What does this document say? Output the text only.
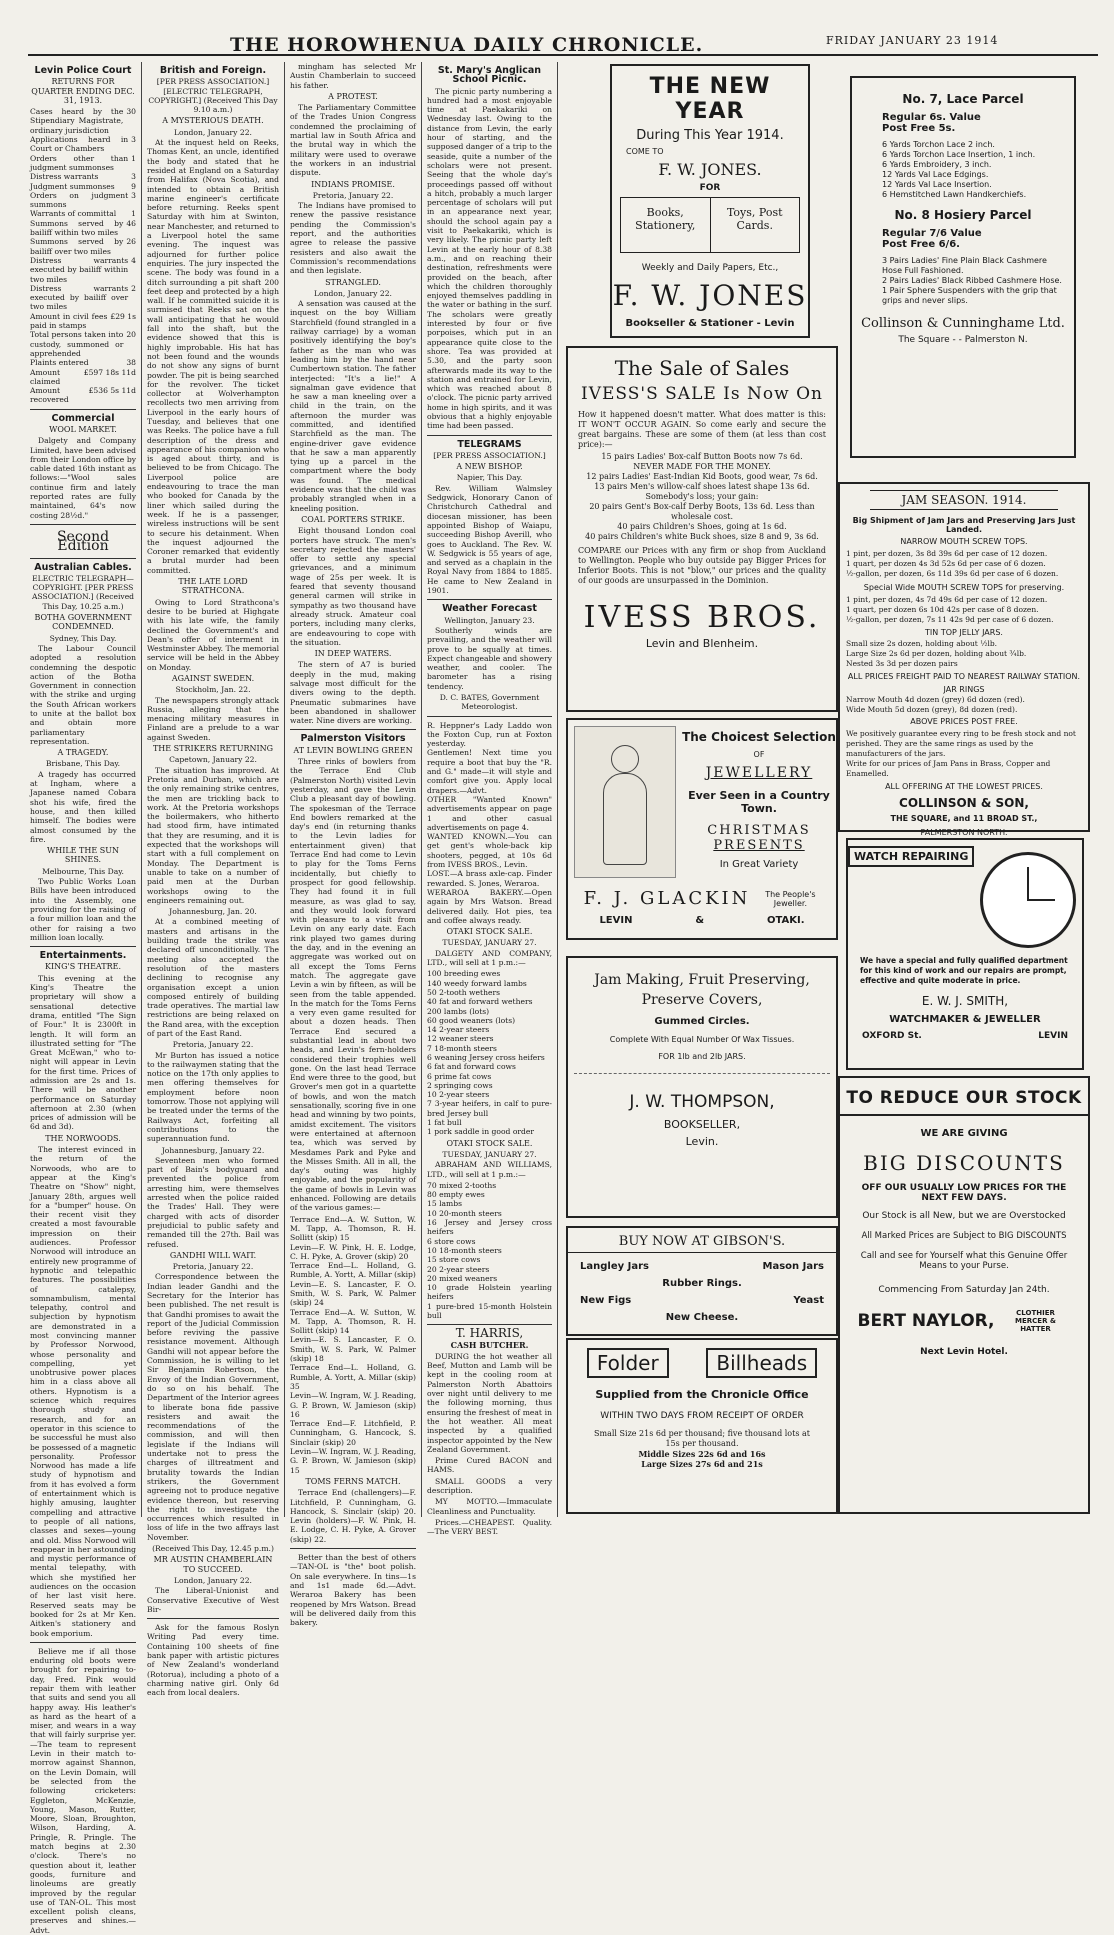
THE HOROWHENUA DAILY CHRONICLE.	FRIDAY JANUARY 23 1914
Levin Police Court

RETURNS FOR QUARTER ENDING DEC. 31, 1913.

Cases heard by the Stipendiary Magistrate, ordinary jurisdiction
30
Applications heard in Court or Chambers
3
Orders other than judgment summonses
1
Distress warrants	3
Judgment summonses	9
Orders on judgment summons
3
Warrants of committal	1
Summons served by bailiff within two miles
46
Summons served by bailiff over two miles
26
Distress warrants executed by bailiff within two miles
4
Distress warrants executed by bailiff over two miles
2
Amount in civil fees paid in stamps
£29 1s
Total persons taken into custody, summoned or apprehended
20
Plaints entered	38
Amount claimed
£597 18s 11d
Amount recovered
£536 5s 11d
Commercial

WOOL MARKET.

Dalgety and Company Limited, have been advised from their London office by cable dated 16th instant as follows:—"Wool sales continue firm and lately reported rates are fully maintained, 64's now costing 28½d."

Second Edition

Australian Cables.

ELECTRIC TELEGRAPH—COPYRIGHT. [PER PRESS ASSOCIATION.] (Received This Day, 10.25 a.m.)

BOTHA GOVERNMENT CONDEMNED.

Sydney, This Day.

The Labour Council adopted a resolution condemning the despotic action of the Botha Government in connection with the strike and urging the South African workers to unite at the ballot box and obtain more parliamentary representation.

A TRAGEDY.

Brisbane, This Day.

A tragedy has occurred at Ingham, where a Japanese named Cobara shot his wife, fired the house, and then killed himself. The bodies were almost consumed by the fire.

WHILE THE SUN SHINES.

Melbourne, This Day.

Two Public Works Loan Bills have been introduced into the Assembly, one providing for the raising of a four million loan and the other for raising a two million loan locally.

Entertainments.

KING'S THEATRE.

This evening at the King's Theatre the proprietary will show a sensational detective drama, entitled "The Sign of Four." It is 2300ft in length. It will form an illustrated setting for "The Great McEwan," who to-night will appear in Levin for the first time. Prices of admission are 2s and 1s. There will be another performance on Saturday afternoon at 2.30 (when prices of admission will be 6d and 3d).

THE NORWOODS.

The interest evinced in the return of the Norwoods, who are to appear at the King's Theatre on "Show" night, January 28th, argues well for a "bumper" house. On their recent visit they created a most favourable impression on their audiences. Professor Norwood will introduce an entirely new programme of hypnotic and telepathic features. The possibilities of catalepsy, somnambulism, mental telepathy, control and subjection by hypnotism are demonstrated in a most convincing manner by Professor Norwood, whose personality and compelling, yet unobtrusive power places him in a class above all others. Hypnotism is a science which requires thorough study and research, and for an operator in this science to be successful he must also be possessed of a magnetic personality. Professor Norwood has made a life study of hypnotism and from it has evolved a form of entertainment which is highly amusing, laughter compelling and attractive to people of all nations, classes and sexes—young and old. Miss Norwood will reappear in her astounding and mystic performance of mental telepathy, with which she mystified her audiences on the occasion of her last visit here. Reserved seats may be booked for 2s at Mr Ken. Aitken's stationery and book emporium.

Believe me if all those enduring old boots were brought for repairing to-day, Fred. Pink would repair them with leather that suits and send you all happy away. His leather's as hard as the heart of a miser, and wears in a way that will fairly surprise yer.—The team to represent Levin in their match to-morrow against Shannon, on the Levin Domain, will be selected from the following cricketers: Eggleton, McKenzie, Young, Mason, Rutter, Moore, Sloan, Broughton, Wilson, Harding, A. Pringle, R. Pringle. The match begins at 2.30 o'clock. There's no question about it, leather goods, furniture and linoleums are greatly improved by the regular use of TAN-OL. This most excellent polish cleans, preserves and shines.—Advt.

British and Foreign.

[PER PRESS ASSOCIATION.] [ELECTRIC TELEGRAPH, COPYRIGHT.] (Received This Day 9.10 a.m.)

A MYSTERIOUS DEATH.

London, January 22.

At the inquest held on Reeks, Thomas Kent, an uncle, identified the body and stated that he resided at England on a Saturday from Halifax (Nova Scotia), and intended to obtain a British marine engineer's certificate before returning. Reeks spent Saturday with him at Swinton, near Manchester, and returned to a Liverpool hotel the same evening. The inquest was adjourned for further police enquiries. The jury inspected the scene. The body was found in a ditch surrounding a pit shaft 200 feet deep and protected by a high wall. If he committed suicide it is surmised that Reeks sat on the wall anticipating that he would fall into the shaft, but the evidence showed that this is highly improbable. His hat has not been found and the wounds do not show any signs of burnt powder. The pit is being searched for the revolver. The ticket collector at Wolverhampton recollects two men arriving from Liverpool in the early hours of Tuesday, and believes that one was Reeks. The police have a full description of the dress and appearance of his companion who is aged about thirty, and is believed to be from Chicago. The Liverpool police are endeavouring to trace the man who booked for Canada by the liner which sailed during the week. If he is a passenger, wireless instructions will be sent to secure his detainment. When the inquest adjourned the Coroner remarked that evidently a brutal murder had been committed.

THE LATE LORD STRATHCONA.

Owing to Lord Strathcona's desire to be buried at Highgate with his late wife, the family declined the Government's and Dean's offer of interment in Westminster Abbey. The memorial service will be held in the Abbey on Monday.

AGAINST SWEDEN.

Stockholm, Jan. 22.

The newspapers strongly attack Russia, alleging that the menacing military measures in Finland are a prelude to a war against Sweden.

THE STRIKERS RETURNING

Capetown, January 22.

The situation has improved. At Pretoria and Durban, which are the only remaining strike centres, the men are trickling back to work. At the Pretoria workshops the boilermakers, who hitherto had stood firm, have intimated that they are resuming, and it is expected that the workshops will start with a full complement on Monday. The Department is unable to take on a number of paid men at the Durban workshops owing to the engineers remaining out.

Johannesburg, Jan. 20.

At a combined meeting of masters and artisans in the building trade the strike was declared off unconditionally. The meeting also accepted the resolution of the masters declining to recognise any organisation except a union composed entirely of building trade operatives. The martial law restrictions are being relaxed on the Rand area, with the exception of part of the East Rand.

Pretoria, January 22.

Mr Burton has issued a notice to the railwaymen stating that the notice on the 17th only applies to men offering themselves for employment before noon tomorrow. Those not applying will be treated under the terms of the Railways Act, forfeiting all contributions to the superannuation fund.

Johannesburg, January 22.

Seventeen men who formed part of Bain's bodyguard and prevented the police from arresting him, were themselves arrested when the police raided the Trades' Hall. They were charged with acts of disorder prejudicial to public safety and remanded till the 27th. Bail was refused.

GANDHI WILL WAIT.

Pretoria, January 22.

Correspondence between the Indian leader Gandhi and the Secretary for the Interior has been published. The net result is that Gandhi promises to await the report of the Judicial Commission before reviving the passive resistance movement. Although Gandhi will not appear before the Commission, he is willing to let Sir Benjamin Robertson, the Envoy of the Indian Government, do so on his behalf. The Department of the Interior agrees to liberate bona fide passive resisters and await the recommendations of the commission, and will then legislate if the Indians will undertake not to press the charges of illtreatment and brutality towards the Indian strikers, the Government agreeing not to produce negative evidence thereon, but reserving the right to investigate the occurrences which resulted in loss of life in the two affrays last November.

(Received This Day, 12.45 p.m.)

MR AUSTIN CHAMBERLAIN TO SUCCEED.

London, January 22.

The Liberal-Unionist and Conservative Executive of West Bir-

Ask for the famous Roslyn Writing Pad every time. Containing 100 sheets of fine bank paper with artistic pictures of New Zealand's wonderland (Rotorua), including a photo of a charming native girl. Only 6d each from local dealers.

mingham has selected Mr Austin Chamberlain to succeed his father.

A PROTEST.

The Parliamentary Committee of the Trades Union Congress condemned the proclaiming of martial law in South Africa and the brutal way in which the military were used to overawe the workers in an industrial dispute.

INDIANS PROMISE.

Pretoria, January 22.

The Indians have promised to renew the passive resistance pending the Commission's report, and the authorities agree to release the passive resisters and also await the Commission's recommendations and then legislate.

STRANGLED.

London, January 22.

A sensation was caused at the inquest on the boy William Starchfield (found strangled in a railway carriage) by a woman positively identifying the boy's father as the man who was leading him by the hand near Cumbertown station. The father interjected: "It's a lie!" A signalman gave evidence that he saw a man kneeling over a child in the train, on the afternoon the murder was committed, and identified Starchfield as the man. The engine-driver gave evidence that he saw a man apparently tying up a parcel in the compartment where the body was found. The medical evidence was that the child was probably strangled when in a kneeling position.

COAL PORTERS STRIKE.

Eight thousand London coal porters have struck. The men's secretary rejected the masters' offer to settle any special grievances, and a minimum wage of 25s per week. It is feared that seventy thousand general carmen will strike in sympathy as two thousand have already struck. Amateur coal porters, including many clerks, are endeavouring to cope with the situation.

IN DEEP WATERS.

The stern of A7 is buried deeply in the mud, making salvage most difficult for the divers owing to the depth. Pneumatic submarines have been abandoned in shallower water. Nine divers are working.

Palmerston Visitors

AT LEVIN BOWLING GREEN

Three rinks of bowlers from the Terrace End Club (Palmerston North) visited Levin yesterday, and gave the Levin Club a pleasant day of bowling. The spokesman of the Terrace End bowlers remarked at the day's end (in returning thanks to the Levin ladies for entertainment given) that Terrace End had come to Levin to play for the Toms Ferns incidentally, but chiefly to prospect for good fellowship. They had found it in full measure, as was glad to say, and they would look forward with pleasure to a visit from Levin on any early date. Each rink played two games during the day, and in the evening an aggregate was worked out on all except the Toms Ferns match. The aggregate gave Levin a win by fifteen, as will be seen from the table appended. In the match for the Toms Ferns a very even game resulted for about a dozen heads. Then Terrace End secured a substantial lead in about two heads, and Levin's fern-holders considered their trophies well gone. On the last head Terrace End were three to the good, but Grover's men got in a quartette of bowls, and won the match sensationally, scoring five in one head and winning by two points, amidst excitement. The visitors were entertained at afternoon tea, which was served by Mesdames Park and Pyke and the Misses Smith. All in all, the day's outing was highly enjoyable, and the popularity of the game of bowls in Levin was enhanced. Following are details of the various games:—

Terrace End—A. W. Sutton, W. M. Tapp, A. Thomson, R. H. Sollitt (skip) 15
Levin—F. W. Pink, H. E. Lodge, C. H. Pyke, A. Grover (skip) 20
Terrace End—L. Holland, G. Rumble, A. Yortt, A. Millar (skip)
Levin—E. S. Lancaster, F. O. Smith, W. S. Park, W. Palmer (skip) 24
Terrace End—A. W. Sutton, W. M. Tapp, A. Thomson, R. H. Sollitt (skip) 14
Levin—E. S. Lancaster, F. O. Smith, W. S. Park, W. Palmer (skip) 18
Terrace End—L. Holland, G. Rumble, A. Yortt, A. Millar (skip) 35
Levin—W. Ingram, W. J. Reading, G. P. Brown, W. Jamieson (skip) 16
Terrace End—F. Litchfield, P. Cunningham, G. Hancock, S. Sinclair (skip) 20
Levin—W. Ingram, W. J. Reading, G. P. Brown, W. Jamieson (skip) 15

TOMS FERNS MATCH.

Terrace End (challengers)—F. Litchfield, P. Cunningham, G. Hancock, S. Sinclair (skip) 20. Levin (holders)—F. W. Pink, H. E. Lodge, C. H. Pyke, A. Grover (skip) 22.

Better than the best of others —TAN-OL is "the" boot polish. On sale everywhere. In tins—1s and 1s1 made 6d.—Advt. Weraroa Bakery has been reopened by Mrs Watson. Bread will be delivered daily from this bakery.

St. Mary's Anglican School Picnic.

The picnic party numbering a hundred had a most enjoyable time at Paekakariki on Wednesday last. Owing to the distance from Levin, the early hour of starting, and the supposed danger of a trip to the seaside, quite a number of the scholars were not present. Seeing that the whole day's proceedings passed off without a hitch, probably a much larger percentage of scholars will put in an appearance next year, should the school again pay a visit to Paekakariki, which is very likely. The picnic party left Levin at the early hour of 8.38 a.m., and on reaching their destination, refreshments were provided on the beach, after which the children thoroughly enjoyed themselves paddling in the water or bathing in the surf. The scholars were greatly interested by four or five porpoises, which put in an appearance quite close to the shore. Tea was provided at 5.30, and the party soon afterwards made its way to the station and entrained for Levin, which was reached about 8 o'clock. The picnic party arrived home in high spirits, and it was obvious that a highly enjoyable time had been passed.

TELEGRAMS

[PER PRESS ASSOCIATION.]

A NEW BISHOP.

Napier, This Day.

Rev. William Walmsley Sedgwick, Honorary Canon of Christchurch Cathedral and diocesan missioner, has been appointed Bishop of Waiapu, succeeding Bishop Averill, who goes to Auckland. The Rev. W. W. Sedgwick is 55 years of age, and served as a chaplain in the Royal Navy from 1884 to 1885. He came to New Zealand in 1901.

Weather Forecast

Wellington, January 23.

Southerly winds are prevailing, and the weather will prove to be squally at times. Expect changeable and showery weather, and cooler. The barometer has a rising tendency.

D. C. BATES, Government Meteorologist.

R. Heppner's Lady Laddo won the Foxton Cup, run at Foxton yesterday.
Gentlemen! Next time you require a boot that buy the "R. and G." made—it will style and comfort give you. Apply local drapers.—Advt.
OTHER "Wanted Known" advertisements appear on page 1 and other casual advertisements on page 4.
WANTED KNOWN.—You can get gent's whole-back kip shooters, pegged, at 10s 6d from IVESS BROS., Levin.
LOST.—A brass axle-cap. Finder rewarded. S. Jones, Weraroa.
WERAROA BAKERY.—Open again by Mrs Watson. Bread delivered daily. Hot pies, tea and coffee always ready.

OTAKI STOCK SALE.

TUESDAY, JANUARY 27.

DALGETY AND COMPANY, LTD., will sell at 1 p.m.:—

100 breeding ewes
140 weedy forward lambs
50 2-tooth wethers
40 fat and forward wethers
200 lambs (lots)
60 good weaners (lots)
14 2-year steers
12 weaner steers
7 18-month steers
6 weaning Jersey cross heifers
6 fat and forward cows
6 prime fat cows
2 springing cows
10 2-year steers
7 3-year heifers, in calf to pure-bred Jersey bull
1 fat bull
1 pork saddle in good order

OTAKI STOCK SALE.

TUESDAY, JANUARY 27.

ABRAHAM AND WILLIAMS, LTD., will sell at 1 p.m.:—

70 mixed 2-tooths
80 empty ewes
15 lambs
10 20-month steers
16 Jersey and Jersey cross heifers
6 store cows
10 18-month steers
15 store cows
20 2-year steers
20 mixed weaners
10 grade Holstein yearling heifers
1 pure-bred 15-month Holstein bull

T. HARRIS,

CASH BUTCHER.

DURING the hot weather all Beef, Mutton and Lamb will be kept in the cooling room at Palmerston North Abattoirs over night until delivery to me the following morning, thus ensuring the freshest of meat in the hot weather. All meat inspected by a qualified inspector appointed by the New Zealand Government.

Prime Cured BACON and HAMS.

SMALL GOODS a very description.

MY MOTTO.—Immaculate Cleanliness and Punctuality.

Prices.—CHEAPEST. Quality.—The VERY BEST.

THE NEW YEAR
During This Year 1914.
COME TO
F. W. JONES.
FOR
Books, Stationery,
Toys, Post Cards.
Weekly and Daily Papers, Etc.,
F. W. JONES
Bookseller & Stationer - Levin
No. 7, Lace Parcel
Regular 6s. Value
Post Free 5s.
6 Yards Torchon Lace 2 inch.
6 Yards Torchon Lace Insertion, 1 inch.
6 Yards Embroidery, 3 inch.
12 Yards Val Lace Edgings.
12 Yards Val Lace Insertion.
6 Hemstitched Lawn Handkerchiefs.
No. 8 Hosiery Parcel
Regular 7/6 Value
Post Free 6/6.
3 Pairs Ladies' Fine Plain Black Cashmere Hose Full Fashioned.
2 Pairs Ladies' Black Ribbed Cashmere Hose.
1 Pair Sphere Suspenders with the grip that grips and never slips.
Collinson & Cunninghame Ltd.
The Square - - Palmerston N.
The Sale of Sales
IVESS'S SALE Is Now On
How it happened doesn't matter. What does matter is this: IT WON'T OCCUR AGAIN. So come early and secure the great bargains. These are some of them (at less than cost price):—
15 pairs Ladies' Box-calf Button Boots now 7s 6d.
NEVER MADE FOR THE MONEY.
12 pairs Ladies' East-Indian Kid Boots, good wear, 7s 6d.
13 pairs Men's willow-calf shoes latest shape 13s 6d. Somebody's loss; your gain:
20 pairs Gent's Box-calf Derby Boots, 13s 6d. Less than wholesale cost.
40 pairs Children's Shoes, going at 1s 6d.
40 pairs Children's white Buck shoes, size 8 and 9, 3s 6d.
COMPARE our Prices with any firm or shop from Auckland to Wellington. People who buy outside pay Bigger Prices for Inferior Boots. This is not "blow," our prices and the quality of our goods are unsurpassed in the Dominion.
IVESS BROS.
Levin and Blenheim.
JAM SEASON. 1914.
Big Shipment of Jam Jars and Preserving Jars Just Landed.
NARROW MOUTH SCREW TOPS.
1 pint, per dozen, 3s 8d 39s 6d per case of 12 dozen.
1 quart, per dozen 4s 3d 52s 6d per case of 6 dozen.
½-gallon, per dozen, 6s 11d 39s 6d per case of 6 dozen.
Special Wide MOUTH SCREW TOPS for preserving.
1 pint, per dozen, 4s 7d 49s 6d per case of 12 dozen.
1 quart, per dozen 6s 10d 42s per case of 8 dozen.
½-gallon, per dozen, 7s 11 42s 9d per case of 6 dozen.
TIN TOP JELLY JARS.
Small size 2s dozen, holding about ½lb.
Large Size 2s 6d per dozen, holding about ¾lb.
Nested 3s 3d per dozen pairs
ALL PRICES FREIGHT PAID TO NEAREST RAILWAY STATION.
JAR RINGS
Narrow Mouth 4d dozen (grey) 6d dozen (red).
Wide Mouth 5d dozen (grey), 8d dozen (red).
ABOVE PRICES POST FREE.
We positively guarantee every ring to be fresh stock and not perished. They are the same rings as used by the manufacturers of the jars.
Write for our prices of Jam Pans in Brass, Copper and Enamelled.
ALL OFFERING AT THE LOWEST PRICES.
COLLINSON & SON,
THE SQUARE, and 11 BROAD ST.,
PALMERSTON NORTH.
The Choicest Selection
OF
JEWELLERY
Ever Seen in a Country Town.
CHRISTMAS
PRESENTS
In Great Variety
F. J. GLACKIN	The People's Jeweller.
LEVIN	&	OTAKI.
WATCH REPAIRING
We have a special and fully qualified department for this kind of work and our repairs are prompt, effective and quite moderate in price.
E. W. J. SMITH,
WATCHMAKER & JEWELLER
OXFORD St.	LEVIN
Jam Making, Fruit Preserving,
Preserve Covers,
Gummed Circles.
Complete With Equal Number Of Wax Tissues.
FOR 1lb and 2lb JARS.
J. W. THOMPSON,
BOOKSELLER,
Levin.
TO REDUCE OUR STOCK
WE ARE GIVING
BIG DISCOUNTS
OFF OUR USUALLY LOW PRICES FOR THE NEXT FEW DAYS.
Our Stock is all New, but we are Overstocked
All Marked Prices are Subject to BIG DISCOUNTS
Call and see for Yourself what this Genuine Offer Means to your Purse.
Commencing From Saturday Jan 24th.
BERT NAYLOR,	CLOTHIER MERCER & HATTER
Next Levin Hotel.
BUY NOW AT GIBSON'S.
Langley Jars	Mason Jars
Rubber Rings.
New Figs	Yeast
New Cheese.
Folder	Billheads
Supplied from the Chronicle Office
WITHIN TWO DAYS FROM RECEIPT OF ORDER
Small Size 21s 6d per thousand; five thousand lots at 15s per thousand.
Middle Sizes 22s 6d and 16s
Large Sizes 27s 6d and 21s
